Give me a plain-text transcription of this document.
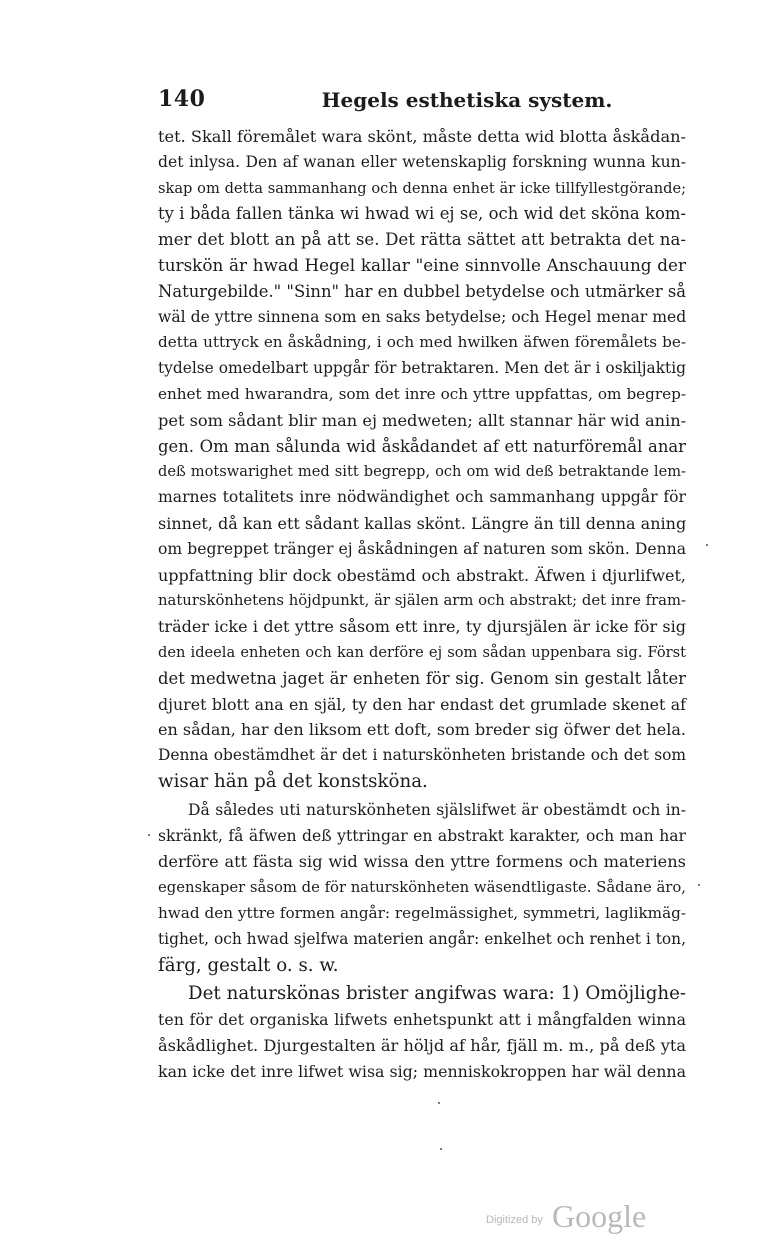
140	Hegels esthetiska system.
tet. Skall föremålet wara skönt, måste detta wid blotta åskådan-
det inlysa. Den af wanan eller wetenskaplig forskning wunna kun-
skap om detta sammanhang och denna enhet är icke tillfyllestgörande;
ty i båda fallen tänka wi hwad wi ej se, och wid det sköna kom-
mer det blott an på att se. Det rätta sättet att betrakta det na-
turskön är hwad Hegel kallar "eine sinnvolle Anschauung der
Naturgebilde." "Sinn" har en dubbel betydelse och utmärker så
wäl de yttre sinnena som en saks betydelse; och Hegel menar med
detta uttryck en åskådning, i och med hwilken äfwen föremålets be-
tydelse omedelbart uppgår för betraktaren. Men det är i oskiljaktig
enhet med hwarandra, som det inre och yttre uppfattas, om begrep-
pet som sådant blir man ej medweten; allt stannar här wid anin-
gen. Om man sålunda wid åskådandet af ett naturföremål anar
deß motswarighet med sitt begrepp, och om wid deß betraktande lem-
marnes totalitets inre nödwändighet och sammanhang uppgår för
sinnet, då kan ett sådant kallas skönt. Längre än till denna aning
om begreppet tränger ej åskådningen af naturen som skön. Denna
uppfattning blir dock obestämd och abstrakt. Äfwen i djurlifwet,
naturskönhetens höjdpunkt, är själen arm och abstrakt; det inre fram-
träder icke i det yttre såsom ett inre, ty djursjälen är icke för sig
den ideela enheten och kan derföre ej som sådan uppenbara sig. Först
det medwetna jaget är enheten för sig. Genom sin gestalt låter
djuret blott ana en själ, ty den har endast det grumlade skenet af
en sådan, har den liksom ett doft, som breder sig öfwer det hela.
Denna obestämdhet är det i naturskönheten bristande och det som
wisar hän på det konstsköna.
Då således uti naturskönheten själslifwet är obestämdt och in-
skränkt, få äfwen deß yttringar en abstrakt karakter, och man har
derföre att fästa sig wid wissa den yttre formens och materiens
egenskaper såsom de för naturskönheten wäsendtligaste. Sådane äro,
hwad den yttre formen angår: regelmässighet, symmetri, laglikmäg-
tighet, och hwad sjelfwa materien angår: enkelhet och renhet i ton,
färg, gestalt o. s. w.
Det naturskönas brister angifwas wara: 1) Omöjlighe-
ten för det organiska lifwets enhetspunkt att i mångfalden winna
åskådlighet. Djurgestalten är höljd af hår, fjäll m. m., på deß yta
kan icke det inre lifwet wisa sig; menniskokroppen har wäl denna
Digitized by Google
